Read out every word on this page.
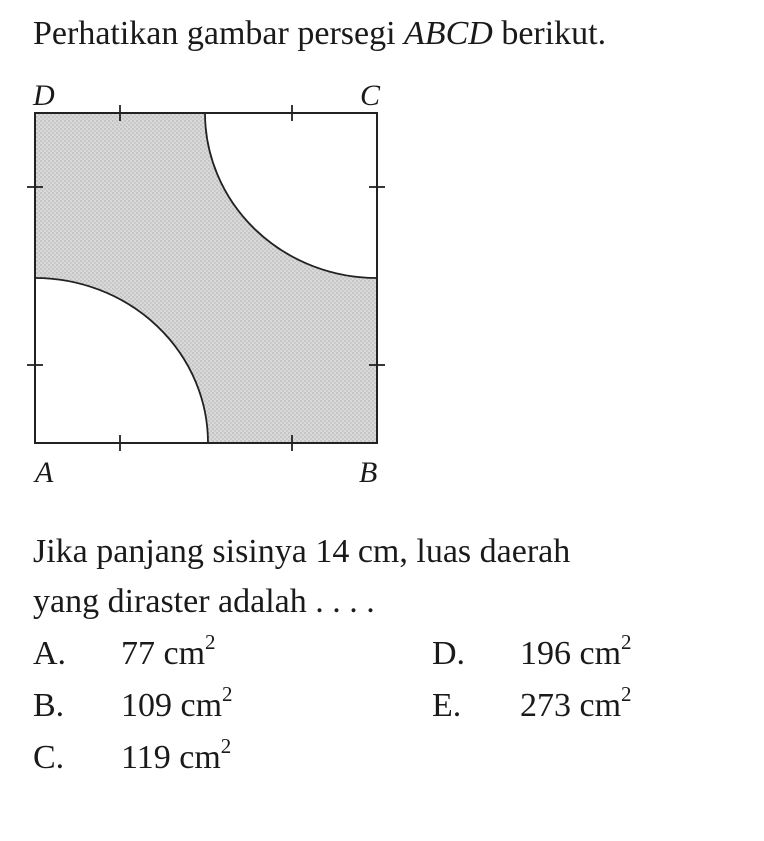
Perhatikan gambar persegi ABCD berikut.
D	C
A	B
Jika panjang sisinya 14 cm, luas daerah
yang diraster adalah . . . .
A. 77 $cm^2$
B. 109 $cm^2$
C. 119 $cm^2$
D. 196 $cm^2$
E. 273 $cm^2$
